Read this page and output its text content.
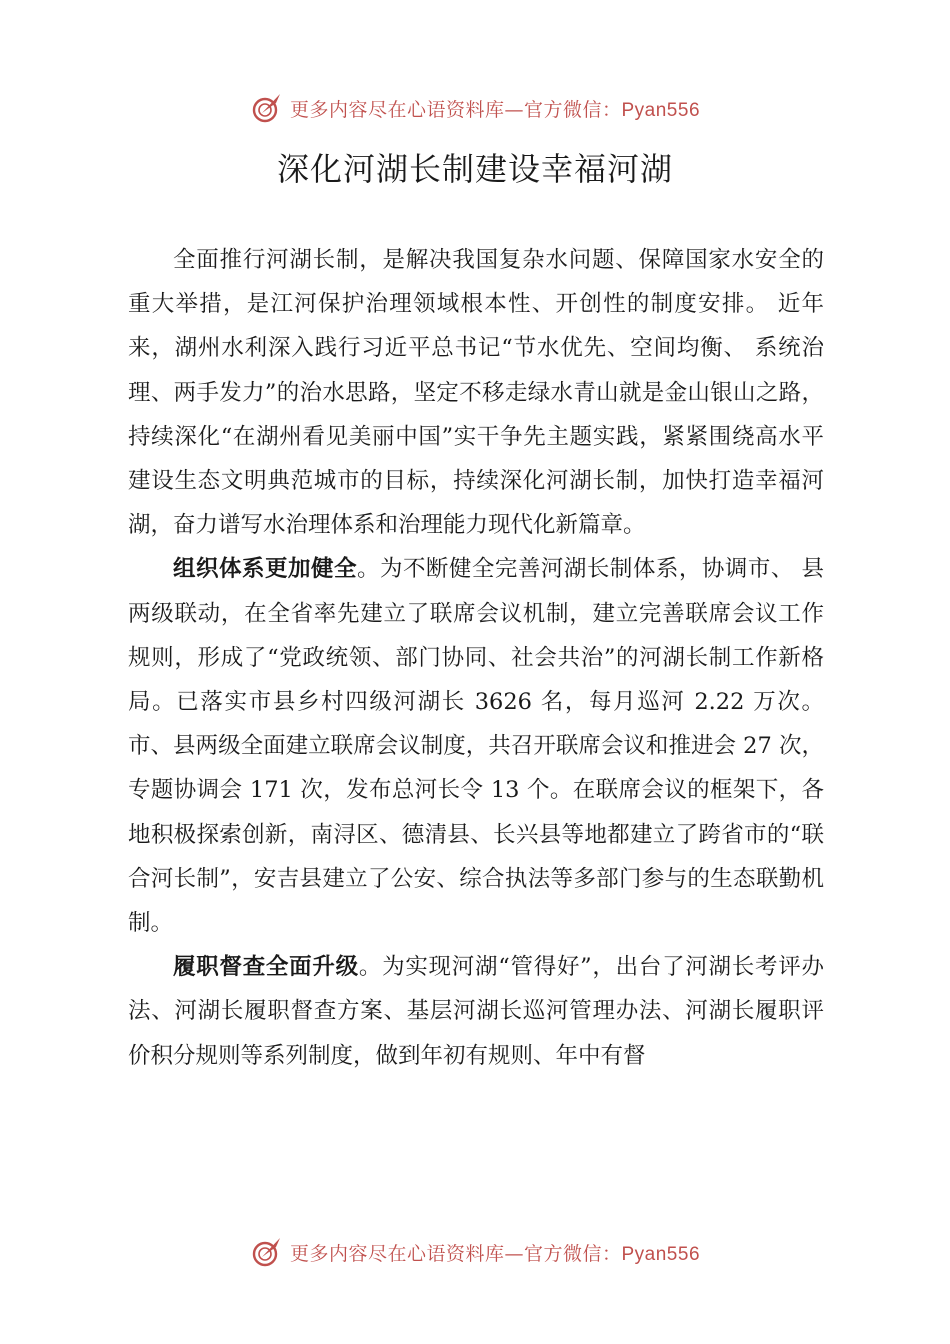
更多内容尽在心语资料库—官方微信：Pyan556
深化河湖长制建设幸福河湖

全面推行河湖长制，是解决我国复杂水问题、保障国家水安全的重大举措，是江河保护治理领域根本性、开创性的制度安排。 近年来，湖州水利深入践行习近平总书记“节水优先、空间均衡、 系统治理、两手发力”的治水思路，坚定不移走绿水青山就是金山银山之路，持续深化“在湖州看见美丽中国”实干争先主题实践，紧紧围绕高水平建设生态文明典范城市的目标，持续深化河湖长制，加快打造幸福河湖，奋力谱写水治理体系和治理能力现代化新篇章。

组织体系更加健全。为不断健全完善河湖长制体系，协调市、 县两级联动，在全省率先建立了联席会议机制，建立完善联席会议工作规则，形成了“党政统领、部门协同、社会共治”的河湖长制工作新格局。已落实市县乡村四级河湖长 3626 名，每月巡河 2.22 万次。市、县两级全面建立联席会议制度，共召开联席会议和推进会 27 次，专题协调会 171 次，发布总河长令 13 个。在联席会议的框架下，各地积极探索创新，南浔区、德清县、长兴县等地都建立了跨省市的“联合河长制”，安吉县建立了公安、综合执法等多部门参与的生态联勤机制。

履职督查全面升级。为实现河湖“管得好”，出台了河湖长考评办法、河湖长履职督查方案、基层河湖长巡河管理办法、河湖长履职评价积分规则等系列制度，做到年初有规则、年中有督

更多内容尽在心语资料库—官方微信：Pyan556
